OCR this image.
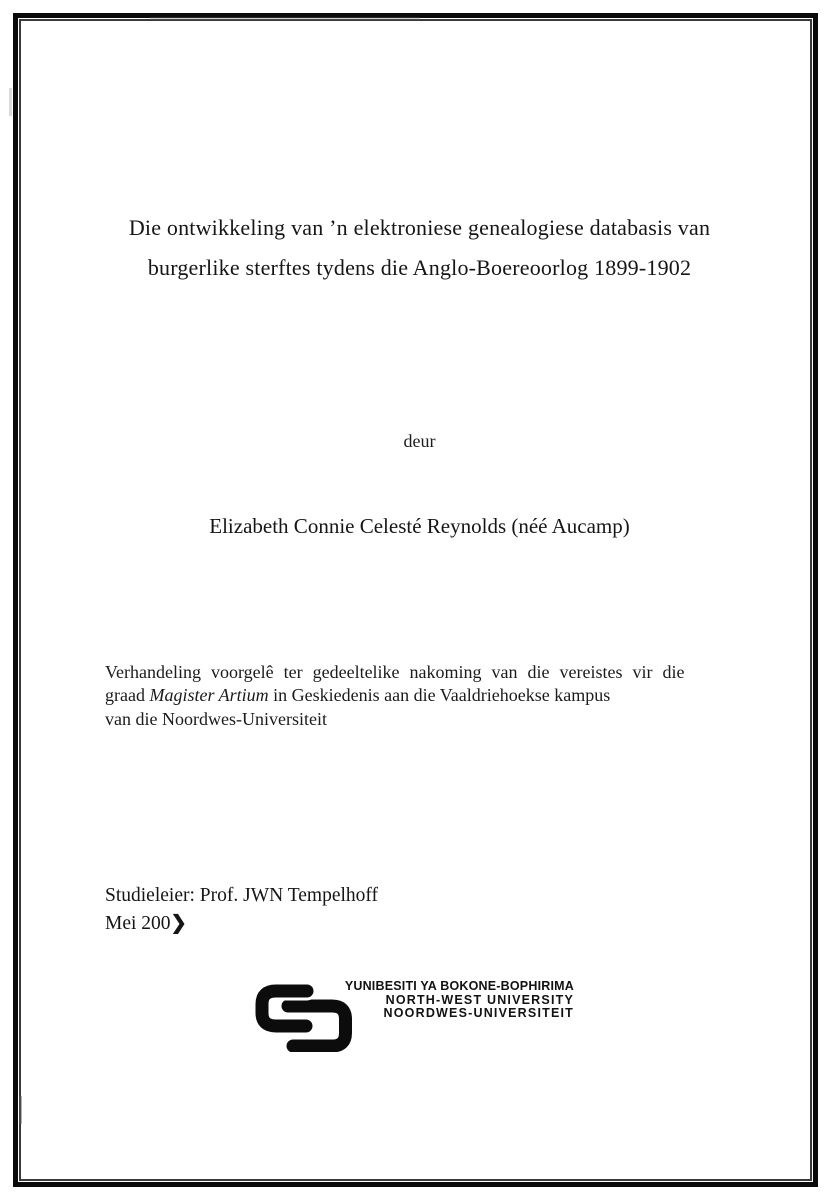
Die ontwikkeling van ’n elektroniese genealogiese databasis van
burgerlike sterftes tydens die Anglo-Boereoorlog 1899-1902
deur
Elizabeth Connie Celesté Reynolds (néé Aucamp)
Verhandeling voorgelê ter gedeeltelike nakoming van die vereistes vir die
graad Magister Artium in Geskiedenis aan die Vaaldriehoekse kampus
van die Noordwes-Universiteit
Studieleier: Prof. JWN Tempelhoff
Mei 200❯
YUNIBESITI YA BOKONE-BOPHIRIMA
NORTH-WEST UNIVERSITY
NOORDWES-UNIVERSITEIT
